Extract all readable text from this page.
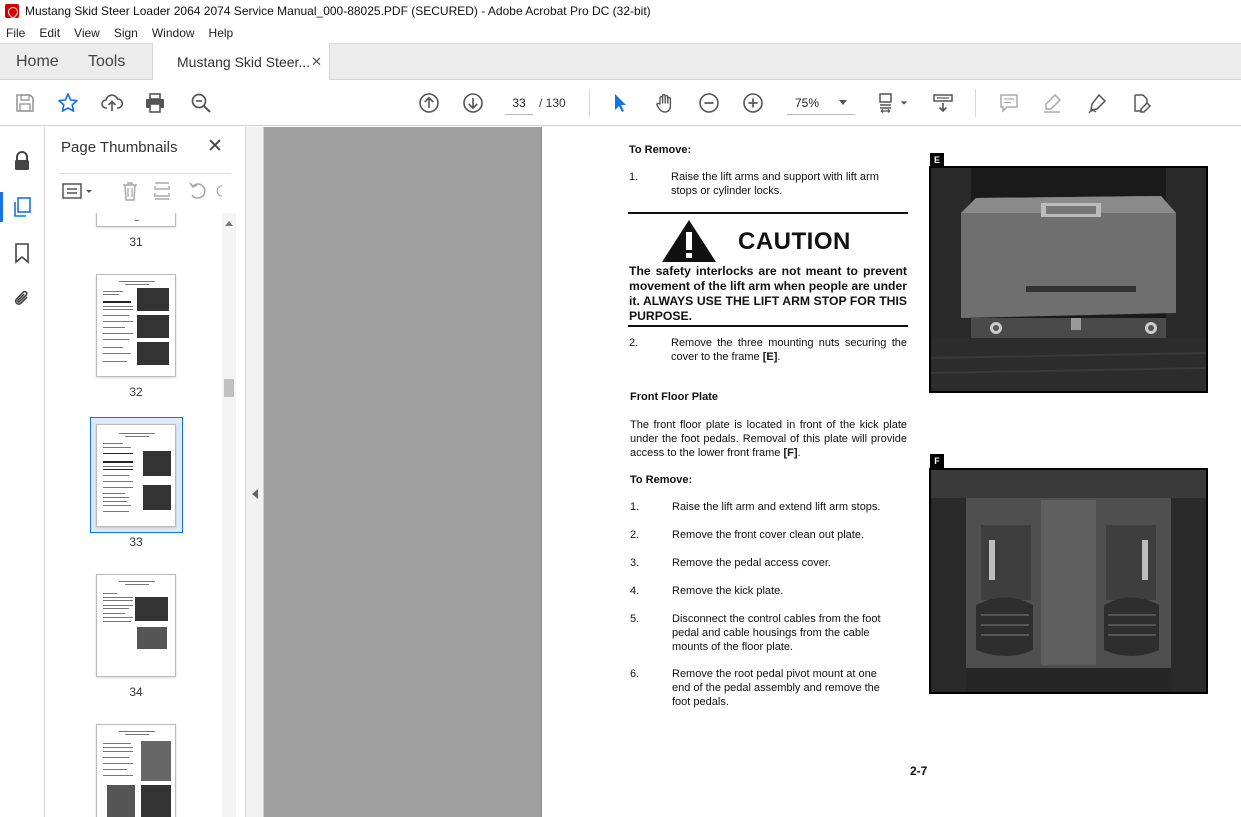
Mustang Skid Steer Loader 2064 2074 Service Manual_000-88025.PDF (SECURED) - Adobe Acrobat Pro DC (32-bit)
File Edit View Sign Window Help
Home Tools	Mustang Skid Steer... ✕
33
/ 130	75%
Page Thumbnails ✕
31
32
33
34
To Remove:
1.	Raise the lift arms and support with lift arm stops or cylinder locks.
CAUTION
The safety interlocks are not meant to prevent movement of the lift arm when people are under it. ALWAYS USE THE LIFT ARM STOP FOR THIS PURPOSE.
2.	Remove the three mounting nuts securing the cover to the frame [E].
Front Floor Plate
The front floor plate is located in front of the kick plate under the foot pedals. Removal of this plate will provide access to the lower front frame [F].
To Remove:
1.	Raise the lift arm and extend lift arm stops.
2.	Remove the front cover clean out plate.
3.	Remove the pedal access cover.
4.	Remove the kick plate.
5.	Disconnect the control cables from the foot pedal and cable housings from the cable mounts of the floor plate.
6.	Remove the root pedal pivot mount at one end of the pedal assembly and remove the foot pedals.
E
F
2-7
